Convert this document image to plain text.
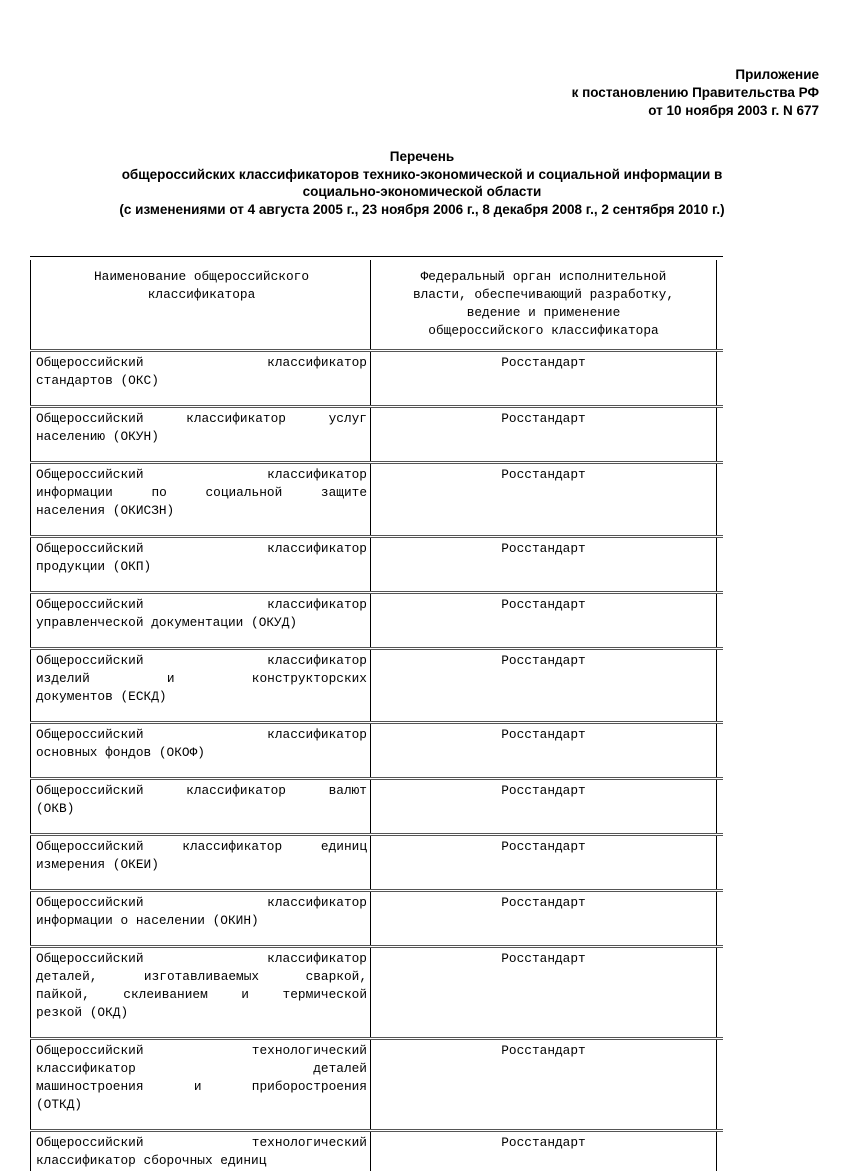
Приложение
к постановлению Правительства РФ
от 10 ноября 2003 г. N 677
Перечень
общероссийских классификаторов технико-экономической и социальной информации в
социально-экономической области
(с изменениями от 4 августа 2005 г., 23 ноября 2006 г., 8 декабря 2008 г., 2 сентября 2010 г.)
Наименование общероссийского
классификатора
Федеральный орган исполнительной
власти, обеспечивающий разработку,
ведение и применение
общероссийского классификатора
Общероссийский классификатор
стандартов (ОКС)
Росстандарт
Общероссийский классификатор услуг
населению (ОКУН)
Росстандарт
Общероссийский классификатор
информации по социальной защите
населения (ОКИСЗН)
Росстандарт
Общероссийский классификатор
продукции (ОКП)
Росстандарт
Общероссийский классификатор
управленческой документации (ОКУД)
Росстандарт
Общероссийский классификатор
изделий и конструкторских
документов (ЕСКД)
Росстандарт
Общероссийский классификатор
основных фондов (ОКОФ)
Росстандарт
Общероссийский классификатор валют
(ОКВ)
Росстандарт
Общероссийский классификатор единиц
измерения (ОКЕИ)
Росстандарт
Общероссийский классификатор
информации о населении (ОКИН)
Росстандарт
Общероссийский классификатор
деталей, изготавливаемых сваркой,
пайкой, склеиванием и термической
резкой (ОКД)
Росстандарт
Общероссийский технологический
классификатор деталей
машиностроения и приборостроения
(ОТКД)
Росстандарт
Общероссийский технологический
классификатор сборочных единиц
Росстандарт
